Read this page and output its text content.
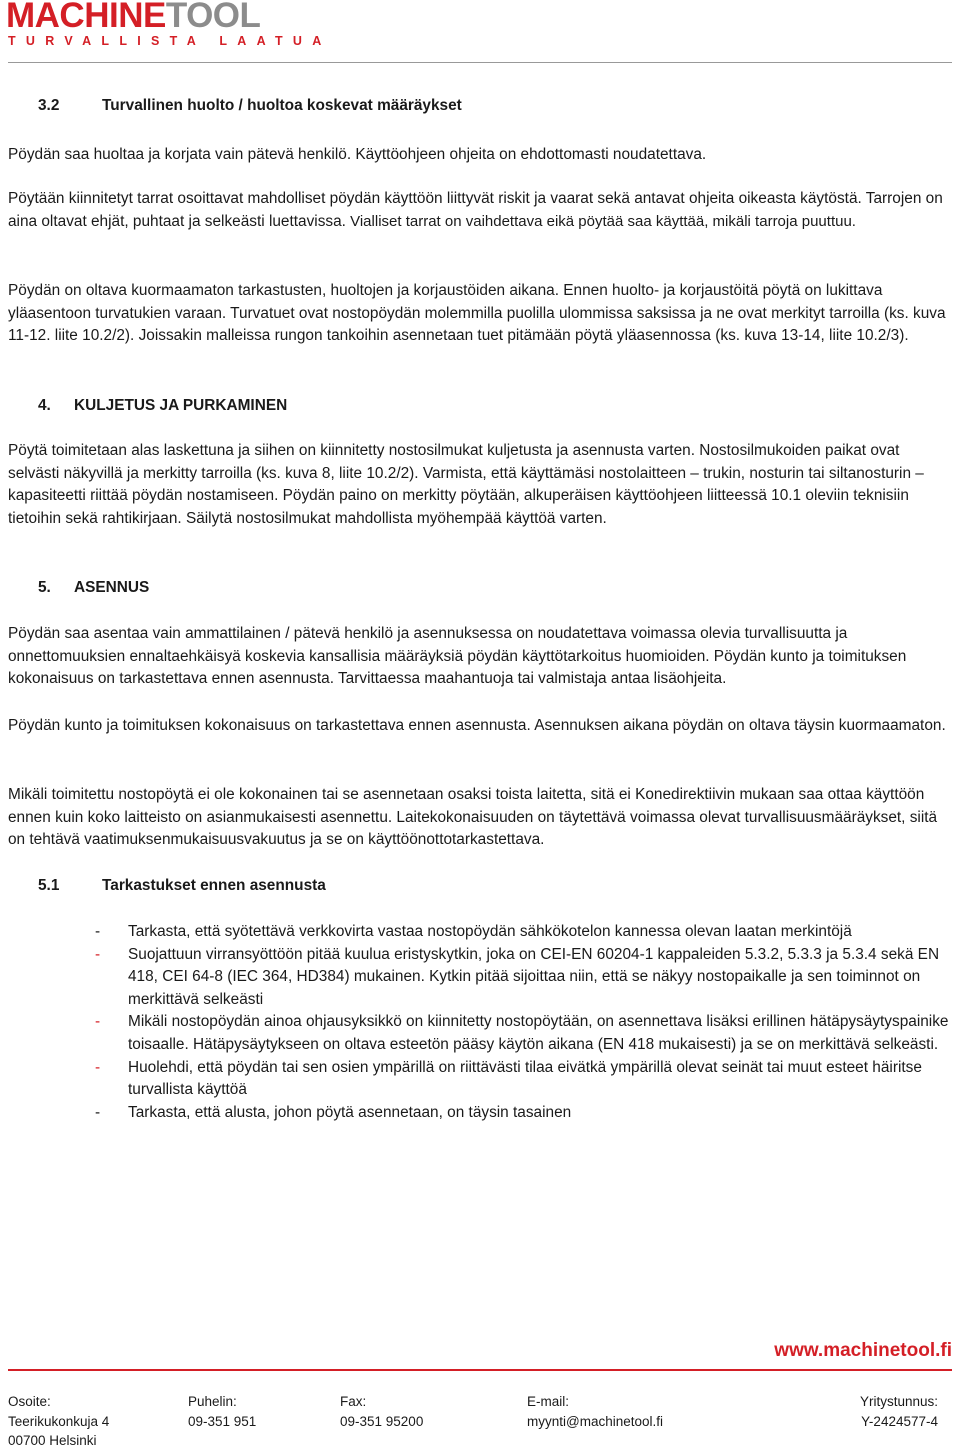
MACHINETOOL
TURVALLISTA LAATUA
3.2	Turvallinen huolto / huoltoa koskevat määräykset

Pöydän saa huoltaa ja korjata vain pätevä henkilö. Käyttöohjeen ohjeita on ehdottomasti noudatettava.

Pöytään kiinnitetyt tarrat osoittavat mahdolliset pöydän käyttöön liittyvät riskit ja vaarat sekä antavat ohjeita oikeasta käytöstä. Tarrojen on aina oltavat ehjät, puhtaat ja selkeästi luettavissa. Vialliset tarrat on vaihdettava eikä pöytää saa käyttää, mikäli tarroja puuttuu.

Pöydän on oltava kuormaamaton tarkastusten, huoltojen ja korjaustöiden aikana. Ennen huolto- ja korjaustöitä pöytä on lukittava yläasentoon turvatukien varaan. Turvatuet ovat nostopöydän molemmilla puolilla ulommissa saksissa ja ne ovat merkityt tarroilla (ks. kuva 11-12. liite 10.2/2). Joissakin malleissa rungon tankoihin asennetaan tuet pitämään pöytä yläasennossa (ks. kuva 13-14, liite 10.2/3).

4. KULJETUS JA PURKAMINEN

Pöytä toimitetaan alas laskettuna ja siihen on kiinnitetty nostosilmukat kuljetusta ja asennusta varten. Nostosilmukoiden paikat ovat selvästi näkyvillä ja merkitty tarroilla (ks. kuva 8, liite 10.2/2). Varmista, että käyttämäsi nostolaitteen – trukin, nosturin tai siltanosturin – kapasiteetti riittää pöydän nostamiseen. Pöydän paino on merkitty pöytään, alkuperäisen käyttöohjeen liitteessä 10.1 oleviin teknisiin tietoihin sekä rahtikirjaan. Säilytä nostosilmukat mahdollista myöhempää käyttöä varten.

5. ASENNUS

Pöydän saa asentaa vain ammattilainen / pätevä henkilö ja asennuksessa on noudatettava voimassa olevia turvallisuutta ja onnettomuuksien ennaltaehkäisyä koskevia kansallisia määräyksiä pöydän käyttötarkoitus huomioiden. Pöydän kunto ja toimituksen kokonaisuus on tarkastettava ennen asennusta. Tarvittaessa maahantuoja tai valmistaja antaa lisäohjeita.

Pöydän kunto ja toimituksen kokonaisuus on tarkastettava ennen asennusta. Asennuksen aikana pöydän on oltava täysin kuormaamaton.

Mikäli toimitettu nostopöytä ei ole kokonainen tai se asennetaan osaksi toista laitetta, sitä ei Konedirektiivin mukaan saa ottaa käyttöön ennen kuin koko laitteisto on asianmukaisesti asennettu. Laitekokonaisuuden on täytettävä voimassa olevat turvallisuusmääräykset, siitä on tehtävä vaatimuksenmukaisuusvakuutus ja se on käyttöönottotarkastettava.

5.1	Tarkastukset ennen asennusta
- Tarkasta, että syötettävä verkkovirta vastaa nostopöydän sähkökotelon kannessa olevan laatan merkintöjä
- Suojattuun virransyöttöön pitää kuulua eristyskytkin, joka on CEI-EN 60204-1 kappaleiden 5.3.2, 5.3.3 ja 5.3.4 sekä EN 418, CEI 64-8 (IEC 364, HD384) mukainen. Kytkin pitää sijoittaa niin, että se näkyy nostopaikalle ja sen toiminnot on merkittävä selkeästi
- Mikäli nostopöydän ainoa ohjausyksikkö on kiinnitetty nostopöytään, on asennettava lisäksi erillinen hätäpysäytyspainike toisaalle. Hätäpysäytykseen on oltava esteetön pääsy käytön aikana (EN 418 mukaisesti) ja se on merkittävä selkeästi.
- Huolehdi, että pöydän tai sen osien ympärillä on riittävästi tilaa eivätkä ympärillä olevat seinät tai muut esteet häiritse turvallista käyttöä
- Tarkasta, että alusta, johon pöytä asennetaan, on täysin tasainen
www.machinetool.fi
Osoite:
Teerikukonkuja 4
00700 Helsinki
Puhelin:
09-351 951
Fax:
09-351 95200
E-mail:
myynti@machinetool.fi
Yritystunnus:
Y-2424577-4
